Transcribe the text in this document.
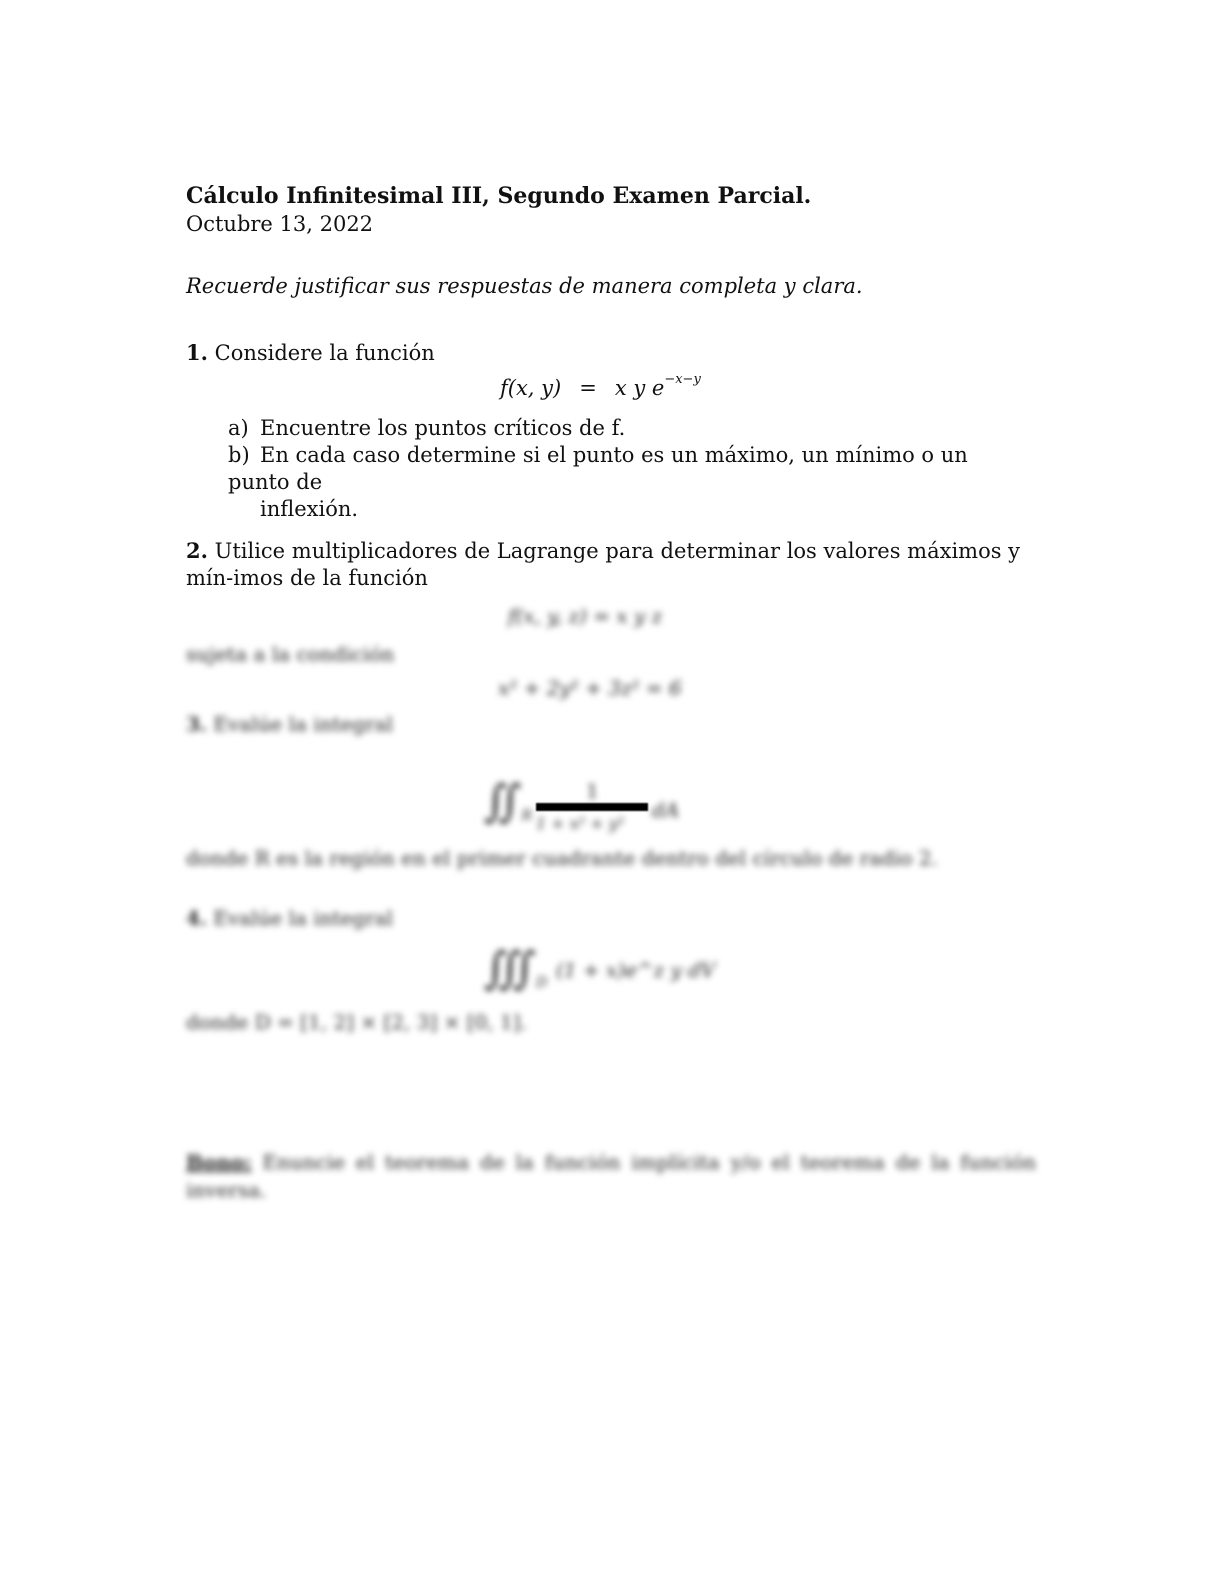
Cálculo Infinitesimal III, Segundo Examen Parcial.
Octubre 13, 2022
Recuerde justificar sus respuestas de manera completa y clara.
1. Considere la función
f(x, y) = x y $e^{-x-y}$
a) Encuentre los puntos críticos de f.
b) En cada caso determine si el punto es un máximo, un mínimo o un punto de
inflexión.
2. Utilice multiplicadores de Lagrange para determinar los valores máximos y mín-imos de la función
f(x, y, z) = x y z
sujeta a la condición
x² + 2y² + 3z² = 6
3. Evalúe la integral
$∬_R$
1
1 + x² + y²
dA
donde R es la región en el primer cuadrante dentro del círculo de radio 2.
4. Evalúe la integral
$∭_D$
(1 + x)e^z y dV
donde D = [1, 2] × [2, 3] × [0, 1].
Bono: Enuncie el teorema de la función implícita y/o el teorema de la función inversa.
